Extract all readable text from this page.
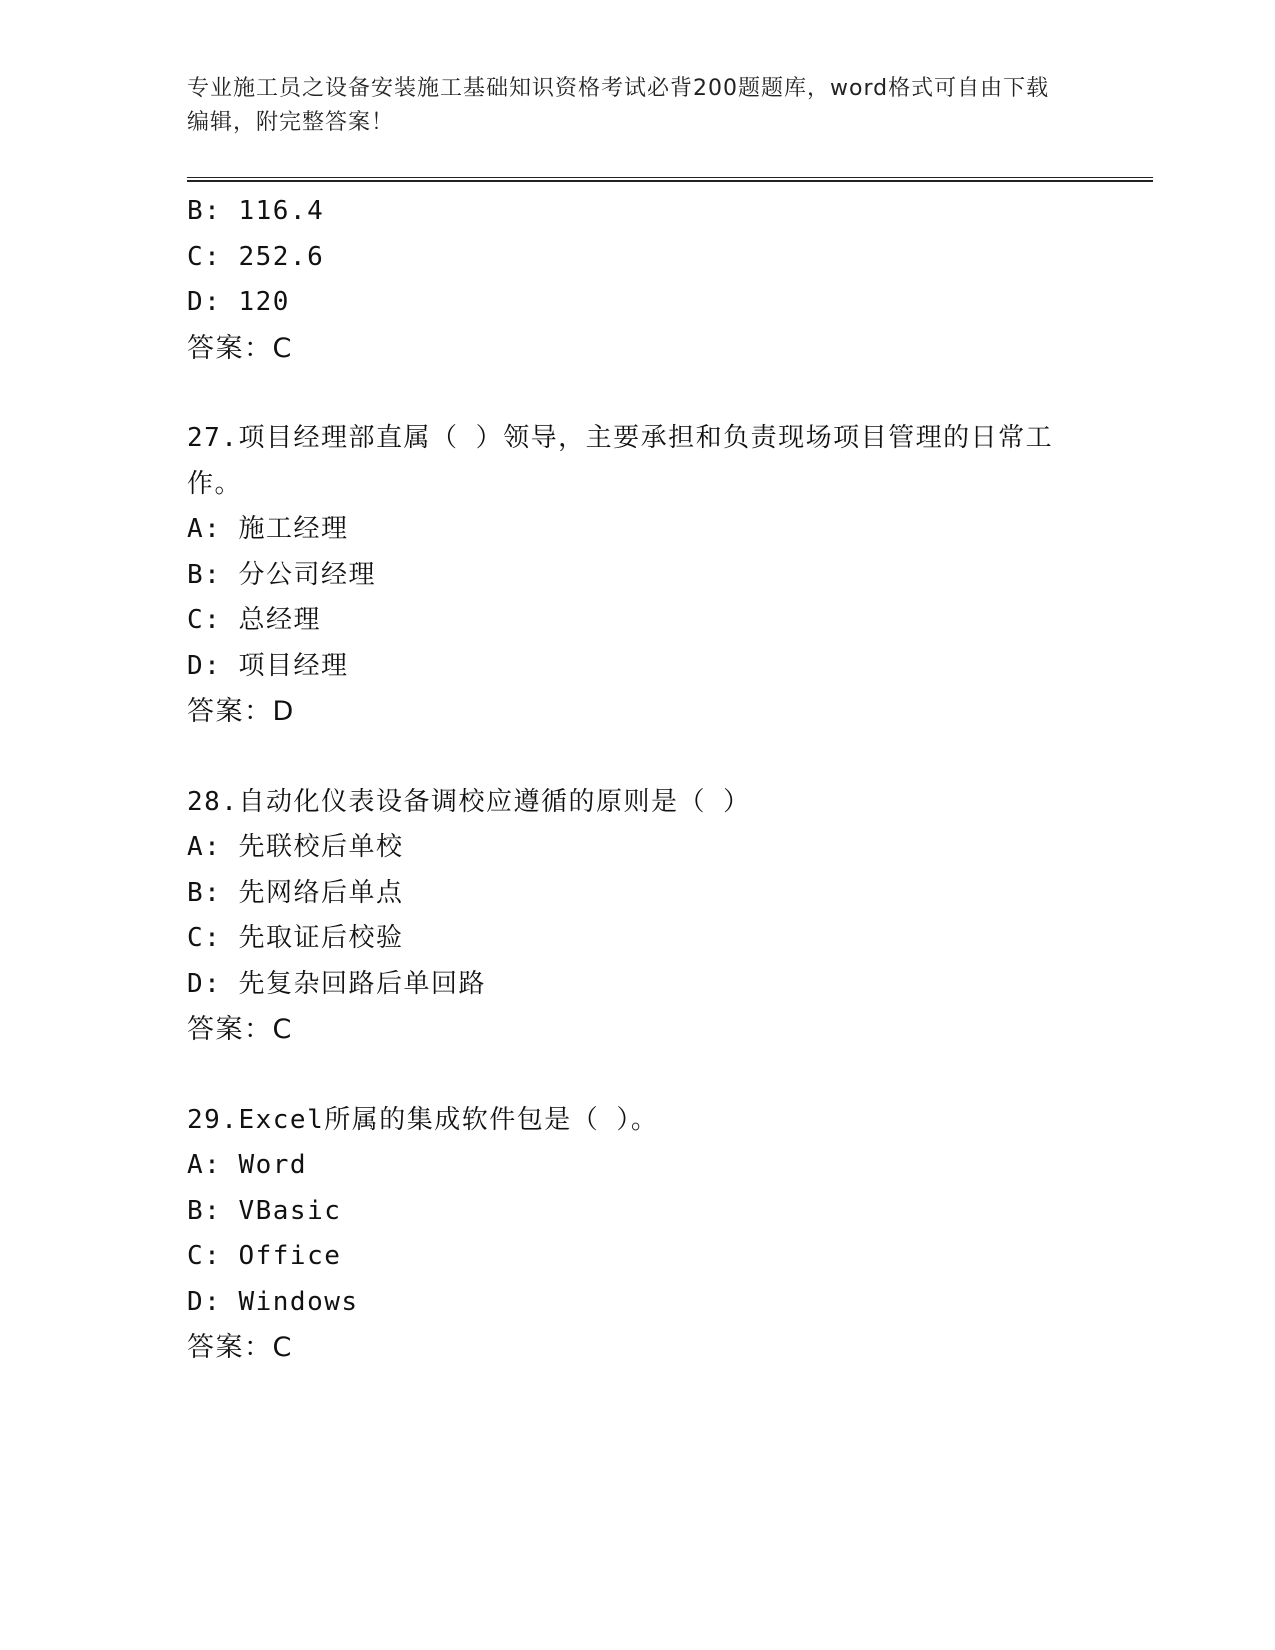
专业施工员之设备安装施工基础知识资格考试必背200题题库，word格式可自由下载编辑，附完整答案！
B: 116.4
C: 252.6
D: 120
答案：C
27.项目经理部直属（ ）领导，主要承担和负责现场项目管理的日常工作。
A: 施工经理
B: 分公司经理
C: 总经理
D: 项目经理
答案：D
28.自动化仪表设备调校应遵循的原则是（ ）
A: 先联校后单校
B: 先网络后单点
C: 先取证后校验
D: 先复杂回路后单回路
答案：C
29.Excel所属的集成软件包是（ ）。
A: Word
B: VBasic
C: Office
D: Windows
答案：C
